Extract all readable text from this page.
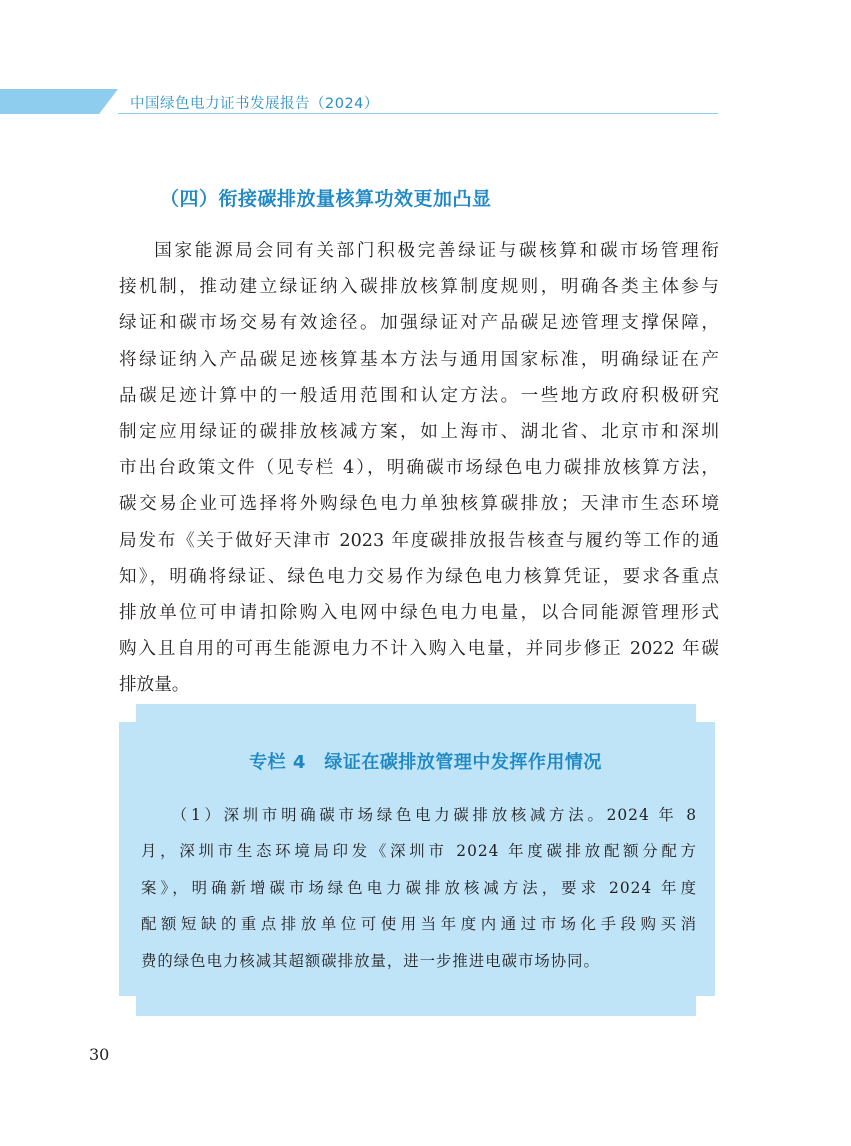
中国绿色电力证书发展报告（2024）
（四）衔接碳排放量核算功效更加凸显
国家能源局会同有关部门积极完善绿证与碳核算和碳市场管理衔
接机制，推动建立绿证纳入碳排放核算制度规则，明确各类主体参与
绿证和碳市场交易有效途径。加强绿证对产品碳足迹管理支撑保障，
将绿证纳入产品碳足迹核算基本方法与通用国家标准，明确绿证在产
品碳足迹计算中的一般适用范围和认定方法。一些地方政府积极研究
制定应用绿证的碳排放核减方案，如上海市、湖北省、北京市和深圳
市出台政策文件（见专栏 4），明确碳市场绿色电力碳排放核算方法，
碳交易企业可选择将外购绿色电力单独核算碳排放；天津市生态环境
局发布《关于做好天津市 2023 年度碳排放报告核查与履约等工作的通
知》，明确将绿证、绿色电力交易作为绿色电力核算凭证，要求各重点
排放单位可申请扣除购入电网中绿色电力电量，以合同能源管理形式
购入且自用的可再生能源电力不计入购入电量，并同步修正 2022 年碳
排放量。
专栏 4　绿证在碳排放管理中发挥作用情况
（1）深圳市明确碳市场绿色电力碳排放核减方法。2024 年 8
月，深圳市生态环境局印发《深圳市 2024 年度碳排放配额分配方
案》，明确新增碳市场绿色电力碳排放核减方法，要求 2024 年度
配额短缺的重点排放单位可使用当年度内通过市场化手段购买消
费的绿色电力核减其超额碳排放量，进一步推进电碳市场协同。
30
